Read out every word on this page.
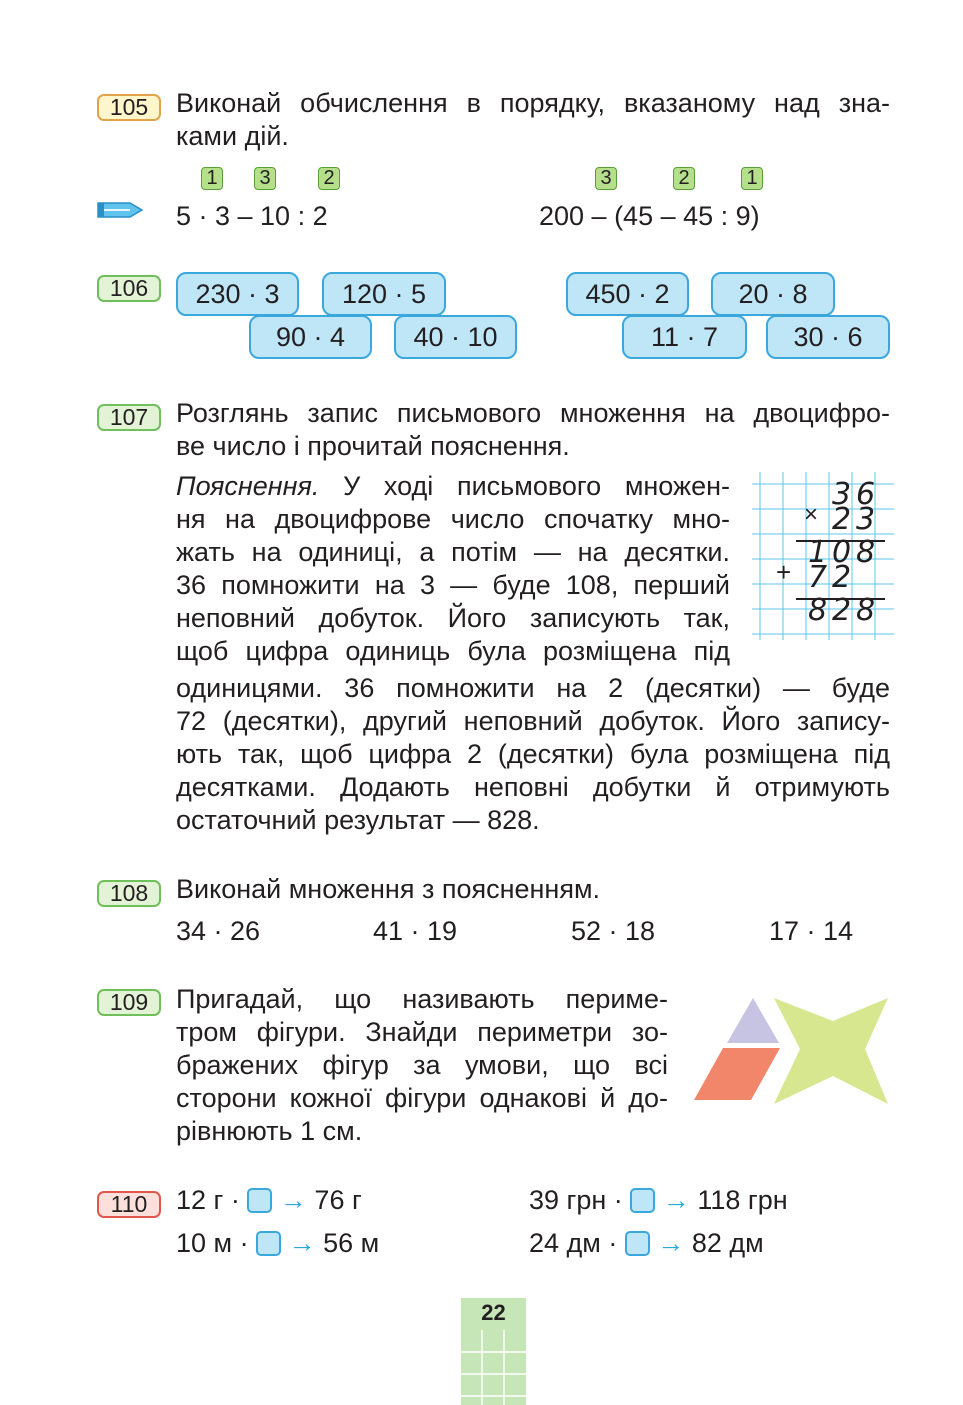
105	Виконай обчислення в порядку, вказаному над зна-
ками дій.
1 3	2	3	2	1
5 · 3 – 10 : 2	200 – (45 – 45 : 9)
106	230 · 3	120 · 5
90 · 4	40 · 10
450 · 2	20 · 8
11 · 7	30 · 6
107	Розглянь запис письмового множення на двоцифро-
ве число і прочитай пояснення.
Пояснення. У ході письмового множен-
ня на двоцифрове число спочатку мно-
жать на одиниці, а потім — на десятки.
36 помножити на 3 — буде 108, перший
неповний добуток. Його записують так,
щоб цифра одиниць була розміщена під
одиницями. 36 помножити на 2 (десятки) — буде
72 (десятки), другий неповний добуток. Його запису-
ють так, щоб цифра 2 (десятки) була розміщена під
десятками. Додають неповні добутки й отримують
остаточний результат — 828.
×
+
3 6
2 3
1 0 8
7 2
8 2 8
108	Виконай множення з поясненням.
34 · 26	41 · 19	52 · 18	17 · 14
109	Пригадай, що називають периме-
тром фігури. Знайди периметри зо-
бражених фігур за умови, що всі
сторони кожної фігури однакові й до-
рівнюють 1 см.
110	12 г · → 76 г	39 грн · → 118 грн
10 м · → 56 м	24 дм · → 82 дм
22
